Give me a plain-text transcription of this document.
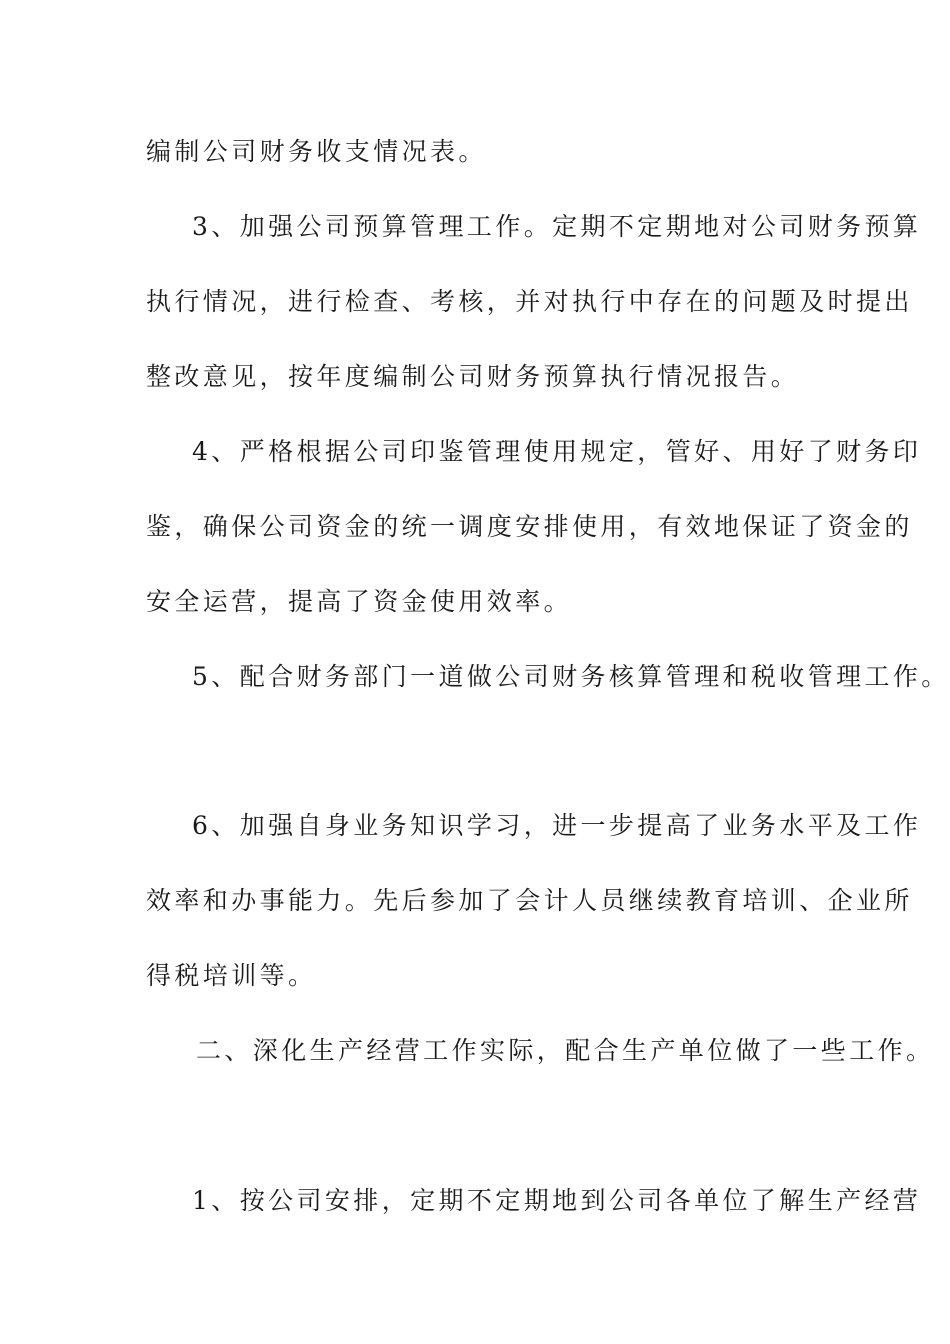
编制公司财务收支情况表。
3、加强公司预算管理工作。定期不定期地对公司财务预算
执行情况，进行检查、考核，并对执行中存在的问题及时提出
整改意见，按年度编制公司财务预算执行情况报告。
4、严格根据公司印鉴管理使用规定，管好、用好了财务印
鉴，确保公司资金的统一调度安排使用，有效地保证了资金的
安全运营，提高了资金使用效率。
5、配合财务部门一道做公司财务核算管理和税收管理工作。
6、加强自身业务知识学习，进一步提高了业务水平及工作
效率和办事能力。先后参加了会计人员继续教育培训、企业所
得税培训等。
二、深化生产经营工作实际，配合生产单位做了一些工作。
1、按公司安排，定期不定期地到公司各单位了解生产经营
